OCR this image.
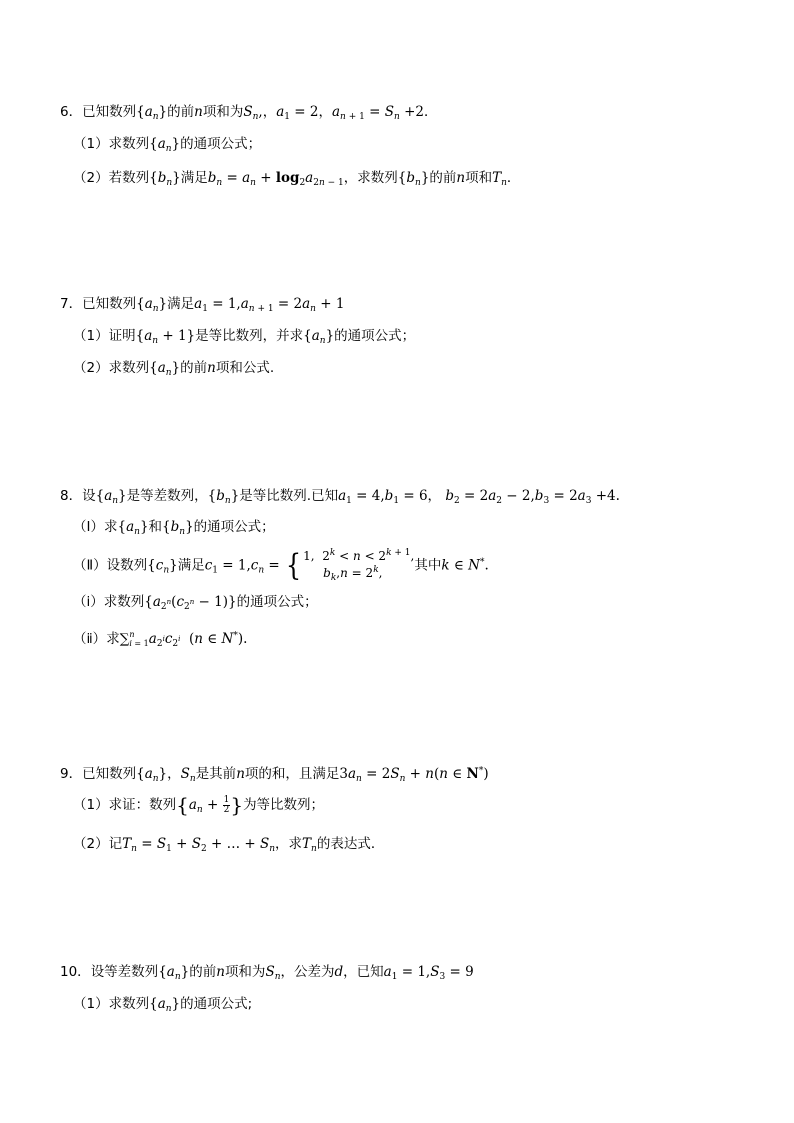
6．已知数列$\{a_n\}$的前n项和为$S_n$,，$a_1 = 2$，$a_{n + 1} = S_n +2$．
（1）求数列$\{a_n\}$的通项公式；
（2）若数列$\{b_n\}$满足$b_n = a_n + \log_2a_{2n - 1}$，求数列$\{b_n\}$的前n项和$T_n$．
7．已知数列$\{a_n\}$满足$a_1 = 1,a_{n + 1} = 2a_n + 1$
（1）证明$\{a_n + 1\}$是等比数列，并求$\{a_n\}$的通项公式；
（2）求数列$\{a_n\}$的前n项和公式.
8．设$\{a_n\}$是等差数列，$\{b_n\}$是等比数列.已知$a_1 = 4,b_1 = 6$， $b_2 = 2a_2 - 2,b_3 = 2a_3 +4$.
（Ⅰ）求$\{a_n\}$和$\{b_n\}$的通项公式；
（Ⅱ）设数列$\{c_n\}$满足$c_1 = 1,c_n$ = { 1,  $2^k < n < 2^{k + 1}$,
$b_k,n = 2^k$,	其中k ∈ N*.
（ⅰ）求数列$\{a_{2^n}(c_{2^n} - 1)\}$的通项公式；
（ⅱ）求∑ n
i = 1 $a_{2^i}c_{2^i}$  (n ∈ N*).
9．已知数列$\{a_n\}$，$S_n$是其前n项的和，且满足$3a_n = 2S_n + n(n$ ∈ N*)
（1）求证：数列{$a_n + \frac{1}{2}$ }为等比数列；
（2）记$T_n = S_1 + S_2$ + … + $S_n$，求$T_n$的表达式．
10．设等差数列$\{a_n\}$的前n项和为$S_n$，公差为d，已知$a_1 = 1,S_3 = 9$
（1）求数列$\{a_n\}$的通项公式;
